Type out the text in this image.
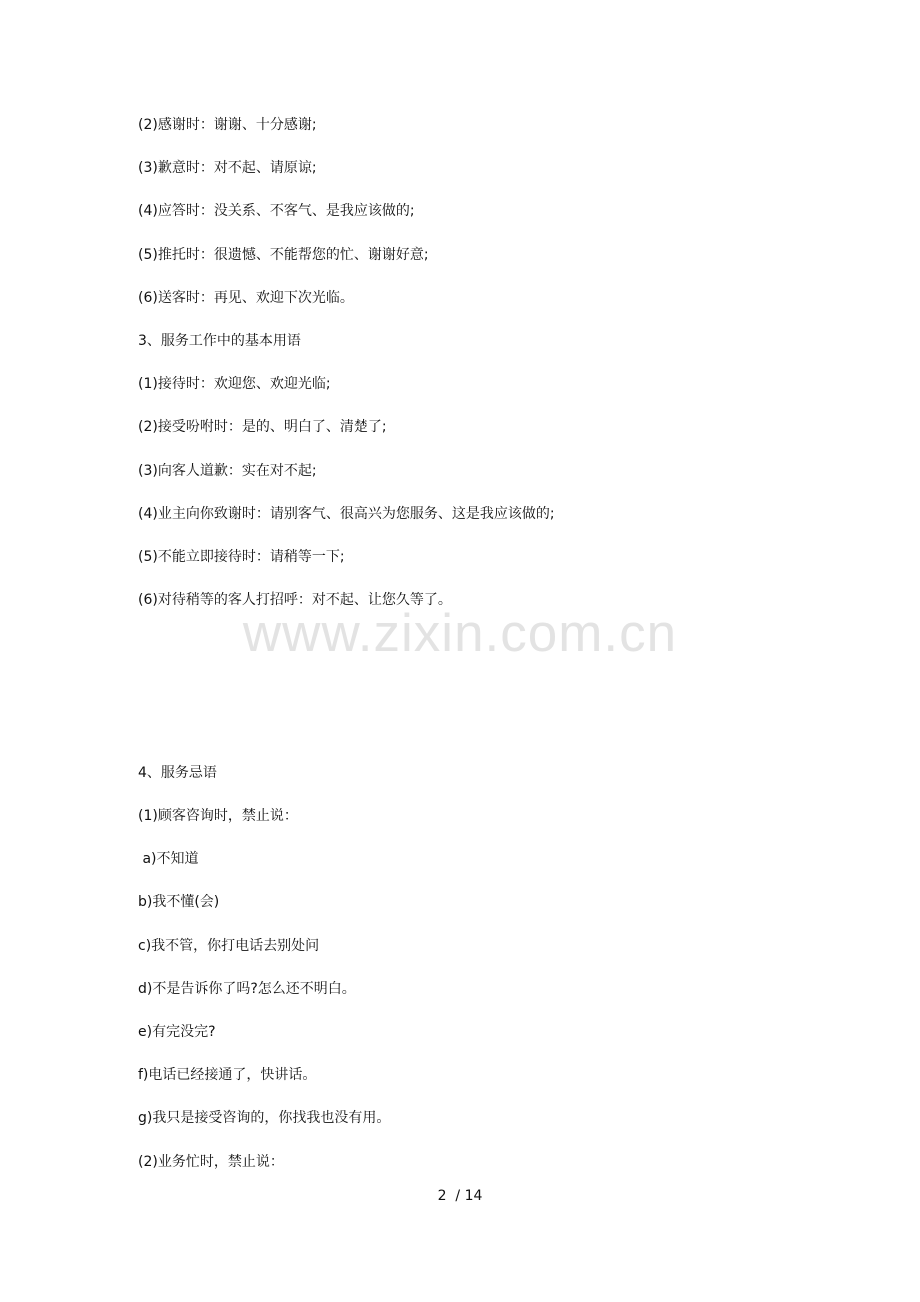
(2)感谢时：谢谢、十分感谢;
(3)歉意时：对不起、请原谅;
(4)应答时：没关系、不客气、是我应该做的;
(5)推托时：很遗憾、不能帮您的忙、谢谢好意;
(6)送客时：再见、欢迎下次光临。
3、服务工作中的基本用语
(1)接待时：欢迎您、欢迎光临;
(2)接受吩咐时：是的、明白了、清楚了;
(3)向客人道歉：实在对不起;
(4)业主向你致谢时：请别客气、很高兴为您服务、这是我应该做的;
(5)不能立即接待时：请稍等一下;
(6)对待稍等的客人打招呼：对不起、让您久等了。
www.zixin.com.cn
4、服务忌语
(1)顾客咨询时，禁止说：
a)不知道
b)我不懂(会)
c)我不管，你打电话去别处问
d)不是告诉你了吗?怎么还不明白。
e)有完没完?
f)电话已经接通了，快讲话。
g)我只是接受咨询的，你找我也没有用。
(2)业务忙时，禁止说：
2  / 14
